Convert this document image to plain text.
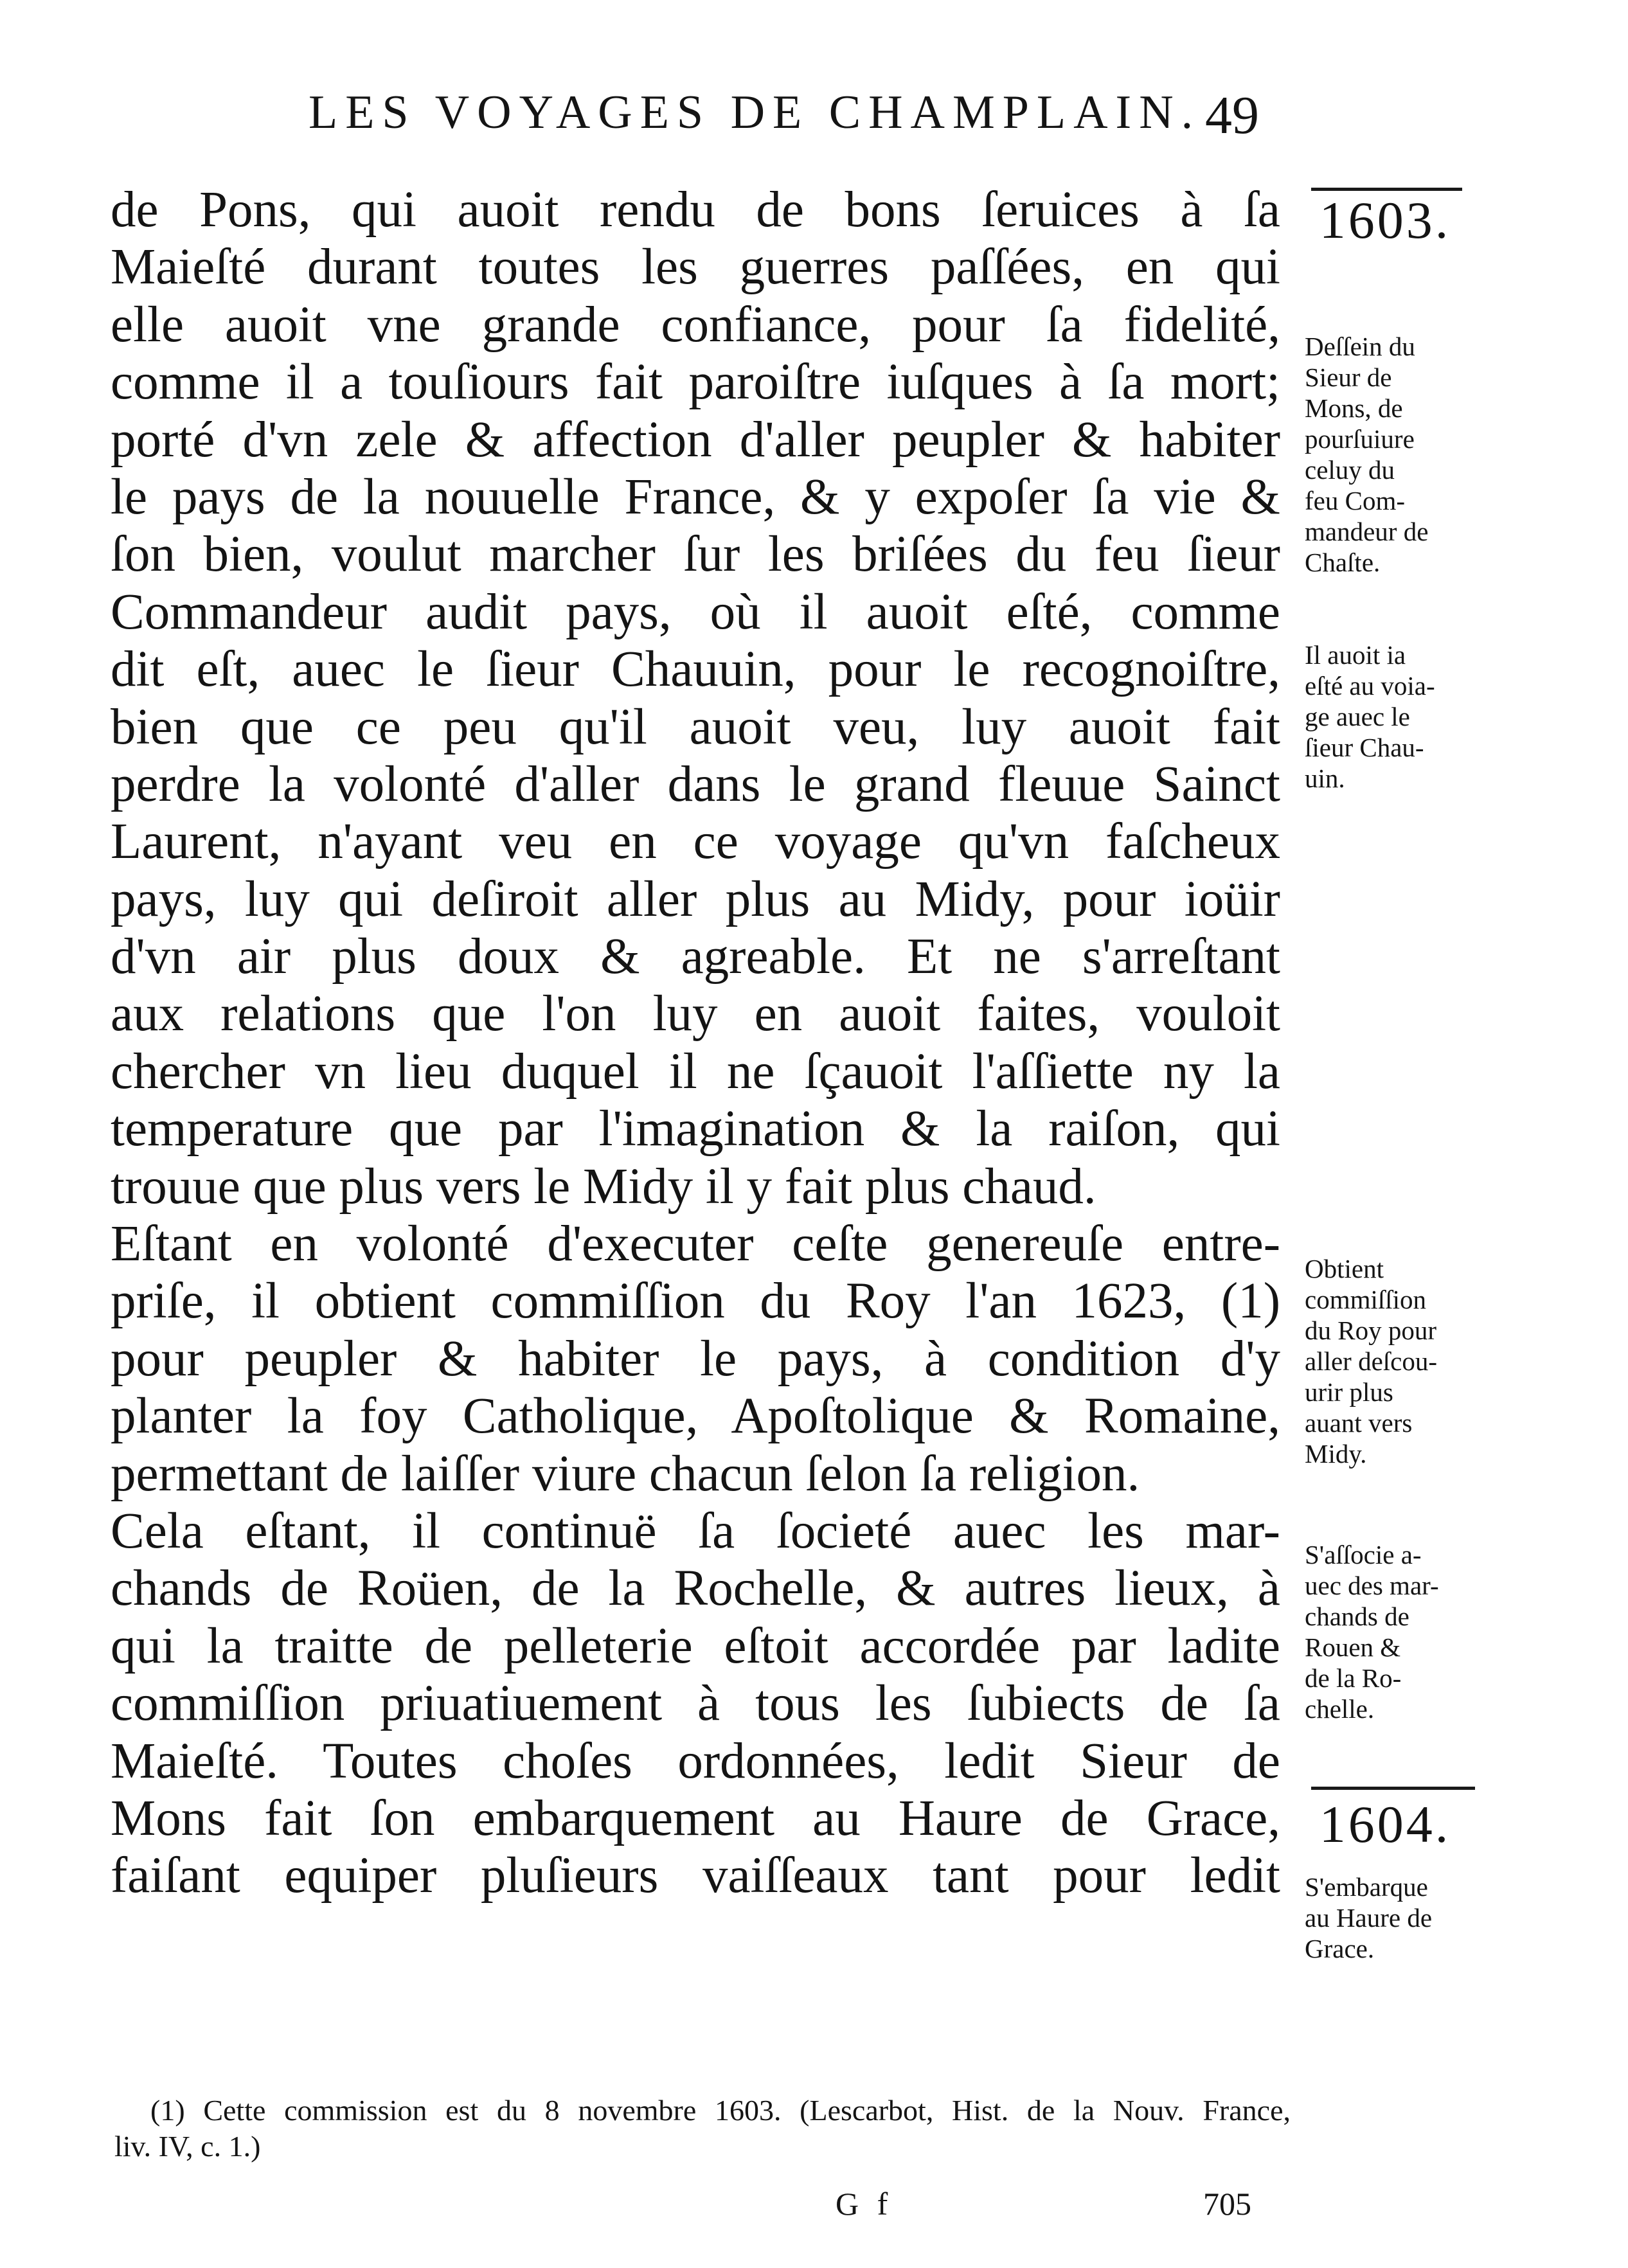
LES VOYAGES DE CHAMPLAIN. 49
de Pons, qui auoit rendu de bons ſeruices à ſa
Maieſté durant toutes les guerres paſſées, en qui
elle auoit vne grande confiance, pour ſa fidelité,
comme il a touſiours fait paroiſtre iuſques à ſa mort;
porté d'vn zele & affection d'aller peupler & habiter
le pays de la nouuelle France, & y expoſer ſa vie &
ſon bien, voulut marcher ſur les briſées du feu ſieur
Commandeur audit pays, où il auoit eſté, comme
dit eſt, auec le ſieur Chauuin, pour le recognoiſtre,
bien que ce peu qu'il auoit veu, luy auoit fait
perdre la volonté d'aller dans le grand fleuue Sainct
Laurent, n'ayant veu en ce voyage qu'vn faſcheux
pays, luy qui deſiroit aller plus au Midy, pour ioüir
d'vn air plus doux & agreable. Et ne s'arreſtant
aux relations que l'on luy en auoit faites, vouloit
chercher vn lieu duquel il ne ſçauoit l'aſſiette ny la
temperature que par l'imagination & la raiſon, qui
trouue que plus vers le Midy il y fait plus chaud.
Eſtant en volonté d'executer ceſte genereuſe entre-
priſe, il obtient commiſſion du Roy l'an 1623, (1)
pour peupler & habiter le pays, à condition d'y
planter la foy Catholique, Apoſtolique & Romaine,
permettant de laiſſer viure chacun ſelon ſa religion.
Cela eſtant, il continuë ſa ſocieté auec les mar-
chands de Roüen, de la Rochelle, & autres lieux, à
qui la traitte de pelleterie eſtoit accordée par ladite
commiſſion priuatiuement à tous les ſubiects de ſa
Maieſté. Toutes choſes ordonnées, ledit Sieur de
Mons fait ſon embarquement au Haure de Grace,
faiſant equiper pluſieurs vaiſſeaux tant pour ledit
1603.
Deſſein du
Sieur de
Mons, de
pourſuiure
celuy du
feu Com-
mandeur de
Chaſte.
Il auoit ia
eſté au voia-
ge auec le
ſieur Chau-
uin.
Obtient
commiſſion
du Roy pour
aller deſcou-
urir plus
auant vers
Midy.
S'aſſocie a-
uec des mar-
chands de
Rouen &
de la Ro-
chelle.
1604.
S'embarque
au Haure de
Grace.
(1) Cette commission est du 8 novembre 1603. (Lescarbot, Hist. de la Nouv. France,
liv. IV, c. 1.)
G f	705
